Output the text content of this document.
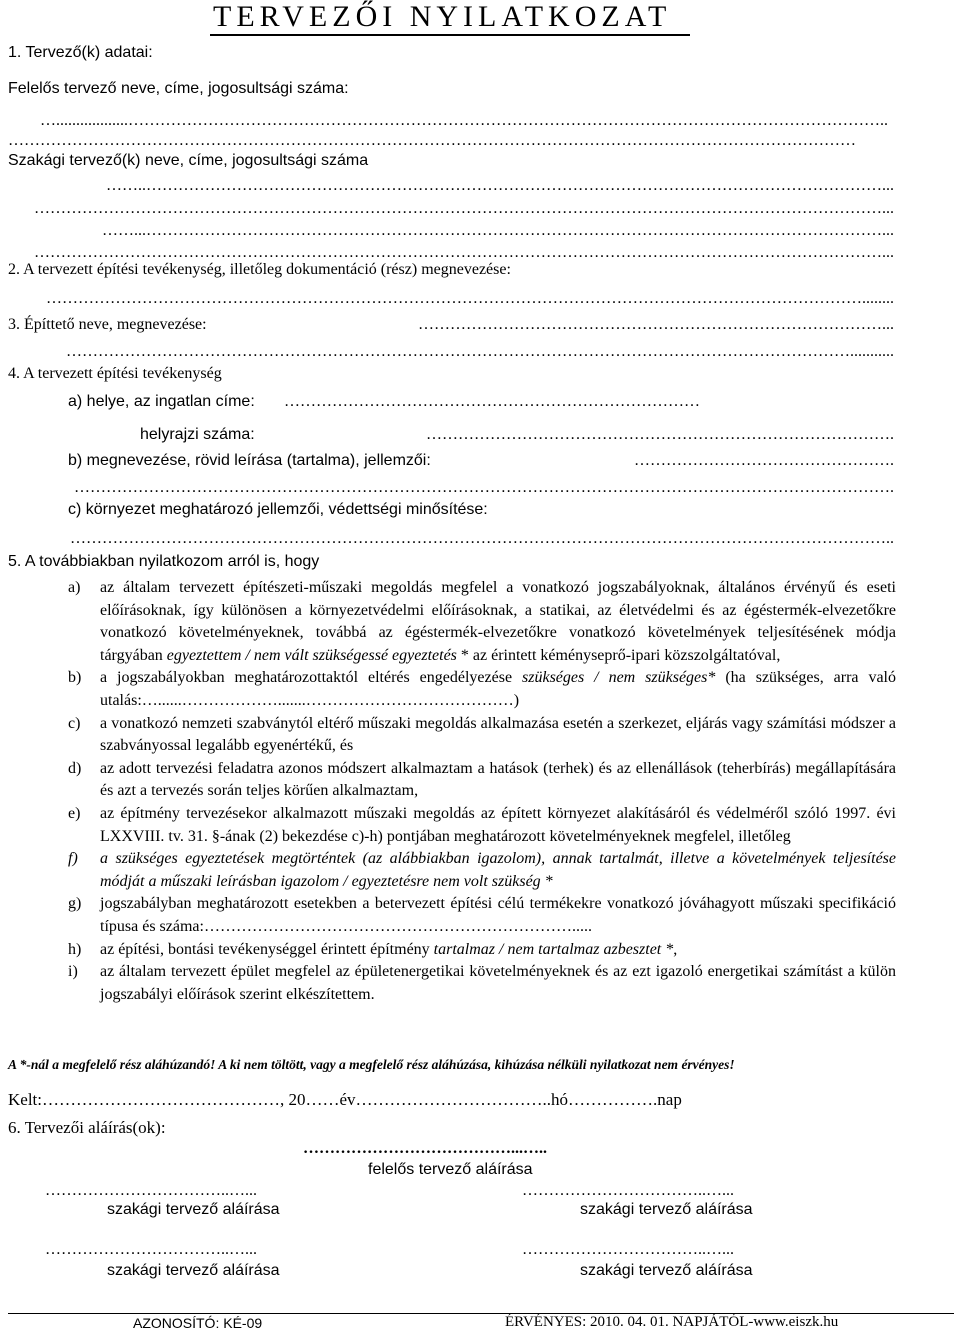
1. Tervező(k) adatai:
TERVEZŐI NYILATKOZAT
Felelős tervező neve, címe, jogosultsági száma:
…..................……………………………………………………………………………………………………………………………..
……………………………………………………………………………………………………………………………………………
Szakági tervező(k) neve, címe, jogosultsági száma
……..…………………………………………………………………………………………………………………………...
……………………………………………………………………………………………………………………………………………...
……...…………………………………………………………………………………………………………………………...
……………………………………………………………………………………………………………………………………………...
2. A tervezett építési tevékenység, illetőleg dokumentáció (rész) megnevezése:
………………………………………………………………………………………………………………………………………........
3. Építtető neve, megnevezése:	……………………………………………………………………………...
…………………………………………………………………………………………………………………………………...........
4. A tervezett építési tevékenység
a) helye, az ingatlan címe: ……………………………………………………………………
helyrajzi száma:	…………………………………………………………………………….
b) megnevezése, rövid leírása (tartalma), jellemzői:	………………………………………….
……………………………………………………………………………………………………………………………………….
c) környezet meghatározó jellemzői, védettségi minősítése:
………………………………………………………………………………………………………………………………………..
5. A továbbiakban nyilatkozom arról is, hogy
a)	az általam tervezett építészeti-műszaki megoldás megfelel a vonatkozó jogszabályoknak, általános érvényű és eseti előírásoknak, így különösen a környezetvédelmi előírásoknak, a statikai, az életvédelmi és az égéstermék-elvezetőkre vonatkozó követelményeknek, továbbá az égéstermék-elvezetőkre vonatkozó követelmények teljesítésének módja tárgyában egyeztettem / nem vált szükségessé egyeztetés * az érintett kéményseprő-ipari közszolgáltatóval,
b)	a jogszabályokban meghatározottaktól eltérés engedélyezése szükséges / nem szükséges* (ha szükséges, arra való utalás:…......……………….......…………………………………)
c)	a vonatkozó nemzeti szabványtól eltérő műszaki megoldás alkalmazása esetén a szerkezet, eljárás vagy számítási módszer a szabványossal legalább egyenértékű, és
d)	az adott tervezési feladatra azonos módszert alkalmaztam a hatások (terhek) és az ellenállások (teherbírás) megállapítására és azt a tervezés során teljes körűen alkalmaztam,
e)	az építmény tervezésekor alkalmazott műszaki megoldás az épített környezet alakításáról és védelméről szóló 1997. évi LXXVIII. tv. 31. §-ának (2) bekezdése c)-h) pontjában meghatározott követelményeknek megfelel, illetőleg
f)	a szükséges egyeztetések megtörténtek (az alábbiakban igazolom), annak tartalmát, illetve a követelmények teljesítése módját a műszaki leírásban igazolom / egyeztetésre nem volt szükség *
g)	jogszabályban meghatározott esetekben a betervezett építési célú termékekre vonatkozó jóváhagyott műszaki specifikáció típusa és száma:…………………………………………………………….....
h)	az építési, bontási tevékenységgel érintett építmény tartalmaz / nem tartalmaz azbesztet *,
i)	az általam tervezett épület megfelel az épületenergetikai követelményeknek és az ezt igazoló energetikai számítást a külön jogszabályi előírások szerint elkészítettem.
A *-nál a megfelelő rész aláhúzandó! A ki nem töltött, vagy a megfelelő rész aláhúzása, kihúzása nélküli nyilatkozat nem érvényes!
Kelt:……………………………………, 20……év……………………………..hó…………….nap
6. Tervezői aláírás(ok):
…………………………………...…..
felelős tervező aláírása
……………………………..…...	……………………………..…...
szakági tervező aláírása	szakági tervező aláírása
……………………………..…...	……………………………..…...
szakági tervező aláírása	szakági tervező aláírása
AZONOSÍTÓ: KÉ-09	ÉRVÉNYES: 2010. 04. 01. NAPJÁTÓL-www.eiszk.hu
